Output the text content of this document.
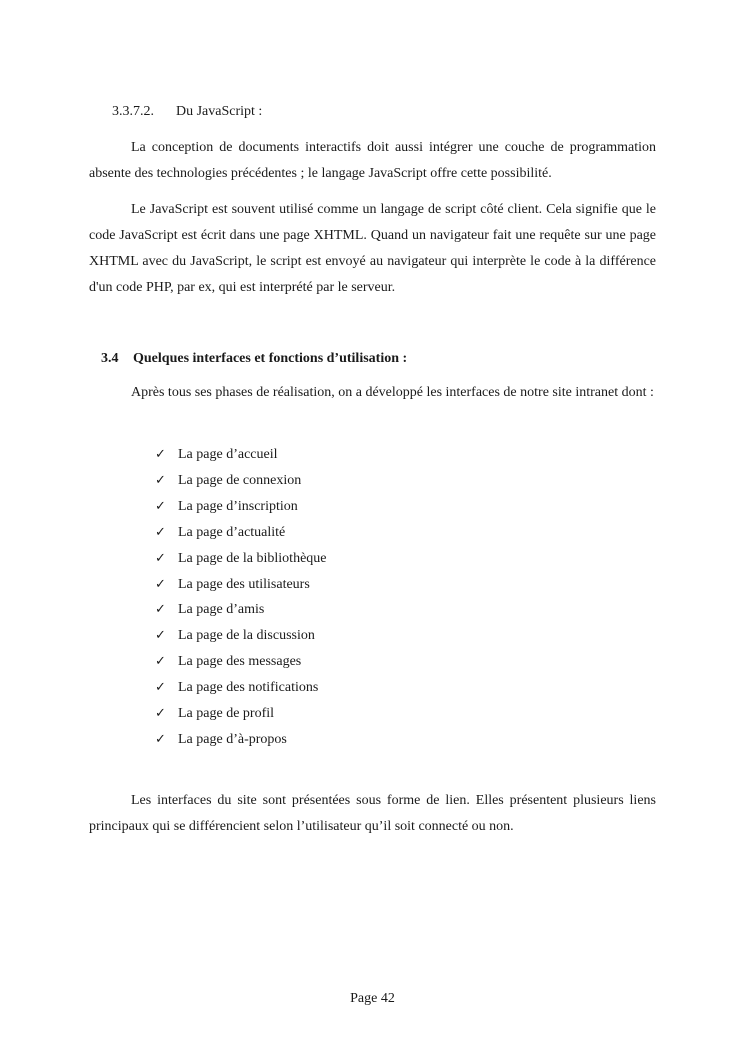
3.3.7.2. Du JavaScript :

La conception de documents interactifs doit aussi intégrer une couche de programmation absente des technologies précédentes ; le langage JavaScript offre cette possibilité.

Le JavaScript est souvent utilisé comme un langage de script côté client. Cela signifie que le code JavaScript est écrit dans une page XHTML. Quand un navigateur fait une requête sur une page XHTML avec du JavaScript, le script est envoyé au navigateur qui interprète le code à la différence d'un code PHP, par ex, qui est interprété par le serveur.

3.4 Quelques interfaces et fonctions d’utilisation :

Après tous ses phases de réalisation, on a développé les interfaces de notre site intranet dont :

✓ La page d’accueil
✓ La page de connexion
✓ La page d’inscription
✓ La page d’actualité
✓ La page de la bibliothèque
✓ La page des utilisateurs
✓ La page d’amis
✓ La page de la discussion
✓ La page des messages
✓ La page des notifications
✓ La page de profil
✓ La page d’à-propos

Les interfaces du site sont présentées sous forme de lien. Elles présentent plusieurs liens principaux qui se différencient selon l’utilisateur qu’il soit connecté ou non.

Page 42
